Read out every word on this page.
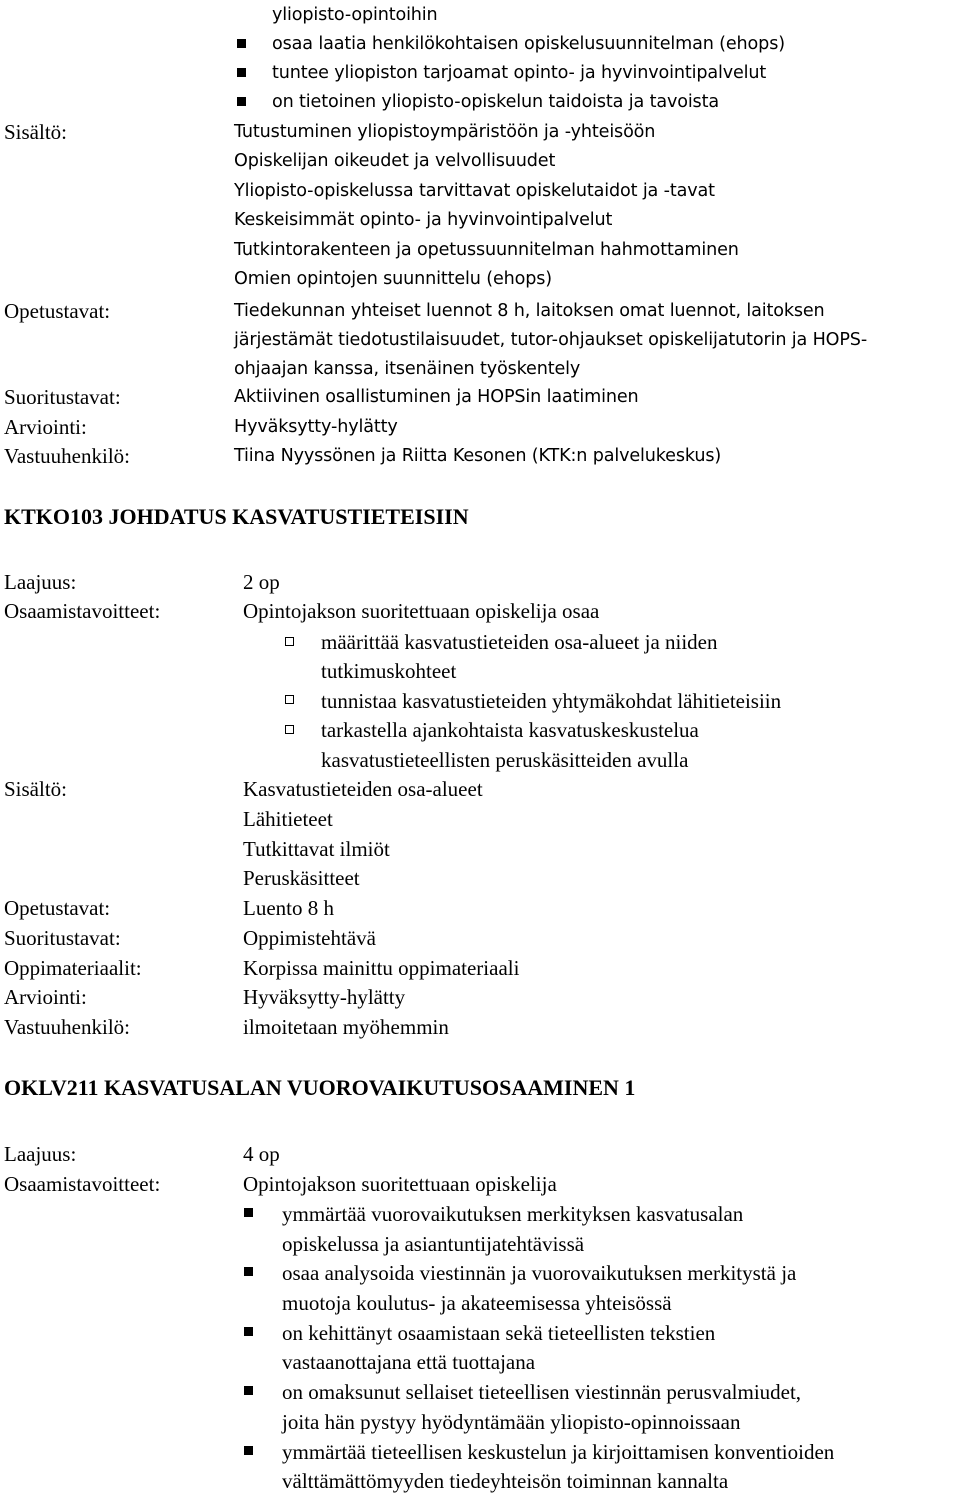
yliopisto-opintoihin
osaa laatia henkilökohtaisen opiskelusuunnitelman (ehops)
tuntee yliopiston tarjoamat opinto- ja hyvinvointipalvelut
on tietoinen yliopisto-opiskelun taidoista ja tavoista
Sisältö:	Tutustuminen yliopistoympäristöön ja -yhteisöön
Opiskelijan oikeudet ja velvollisuudet
Yliopisto-opiskelussa tarvittavat opiskelutaidot ja -tavat
Keskeisimmät opinto- ja hyvinvointipalvelut
Tutkintorakenteen ja opetussuunnitelman hahmottaminen
Omien opintojen suunnittelu (ehops)
Opetustavat:	Tiedekunnan yhteiset luennot 8 h, laitoksen omat luennot, laitoksen
järjestämät tiedotustilaisuudet, tutor-ohjaukset opiskelijatutorin ja HOPS-
ohjaajan kanssa, itsenäinen työskentely
Suoritustavat:	Aktiivinen osallistuminen ja HOPSin laatiminen
Arviointi:	Hyväksytty-hylätty
Vastuuhenkilö:	Tiina Nyyssönen ja Riitta Kesonen (KTK:n palvelukeskus)
KTKO103 JOHDATUS KASVATUSTIETEISIIN
Laajuus:	2 op
Osaamistavoitteet:	Opintojakson suoritettuaan opiskelija osaa
määrittää kasvatustieteiden osa-alueet ja niiden
tutkimuskohteet
tunnistaa kasvatustieteiden yhtymäkohdat lähitieteisiin
tarkastella ajankohtaista kasvatuskeskustelua
kasvatustieteellisten peruskäsitteiden avulla
Sisältö:	Kasvatustieteiden osa-alueet
Lähitieteet
Tutkittavat ilmiöt
Peruskäsitteet
Opetustavat:	Luento 8 h
Suoritustavat:	Oppimistehtävä
Oppimateriaalit:	Korpissa mainittu oppimateriaali
Arviointi:	Hyväksytty-hylätty
Vastuuhenkilö:	ilmoitetaan myöhemmin
OKLV211 KASVATUSALAN VUOROVAIKUTUSOSAAMINEN 1
Laajuus:	4 op
Osaamistavoitteet:	Opintojakson suoritettuaan opiskelija
ymmärtää vuorovaikutuksen merkityksen kasvatusalan
opiskelussa ja asiantuntijatehtävissä
osaa analysoida viestinnän ja vuorovaikutuksen merkitystä ja
muotoja koulutus- ja akateemisessa yhteisössä
on kehittänyt osaamistaan sekä tieteellisten tekstien
vastaanottajana että tuottajana
on omaksunut sellaiset tieteellisen viestinnän perusvalmiudet,
joita hän pystyy hyödyntämään yliopisto-opinnoissaan
ymmärtää tieteellisen keskustelun ja kirjoittamisen konventioiden
välttämättömyyden tiedeyhteisön toiminnan kannalta
